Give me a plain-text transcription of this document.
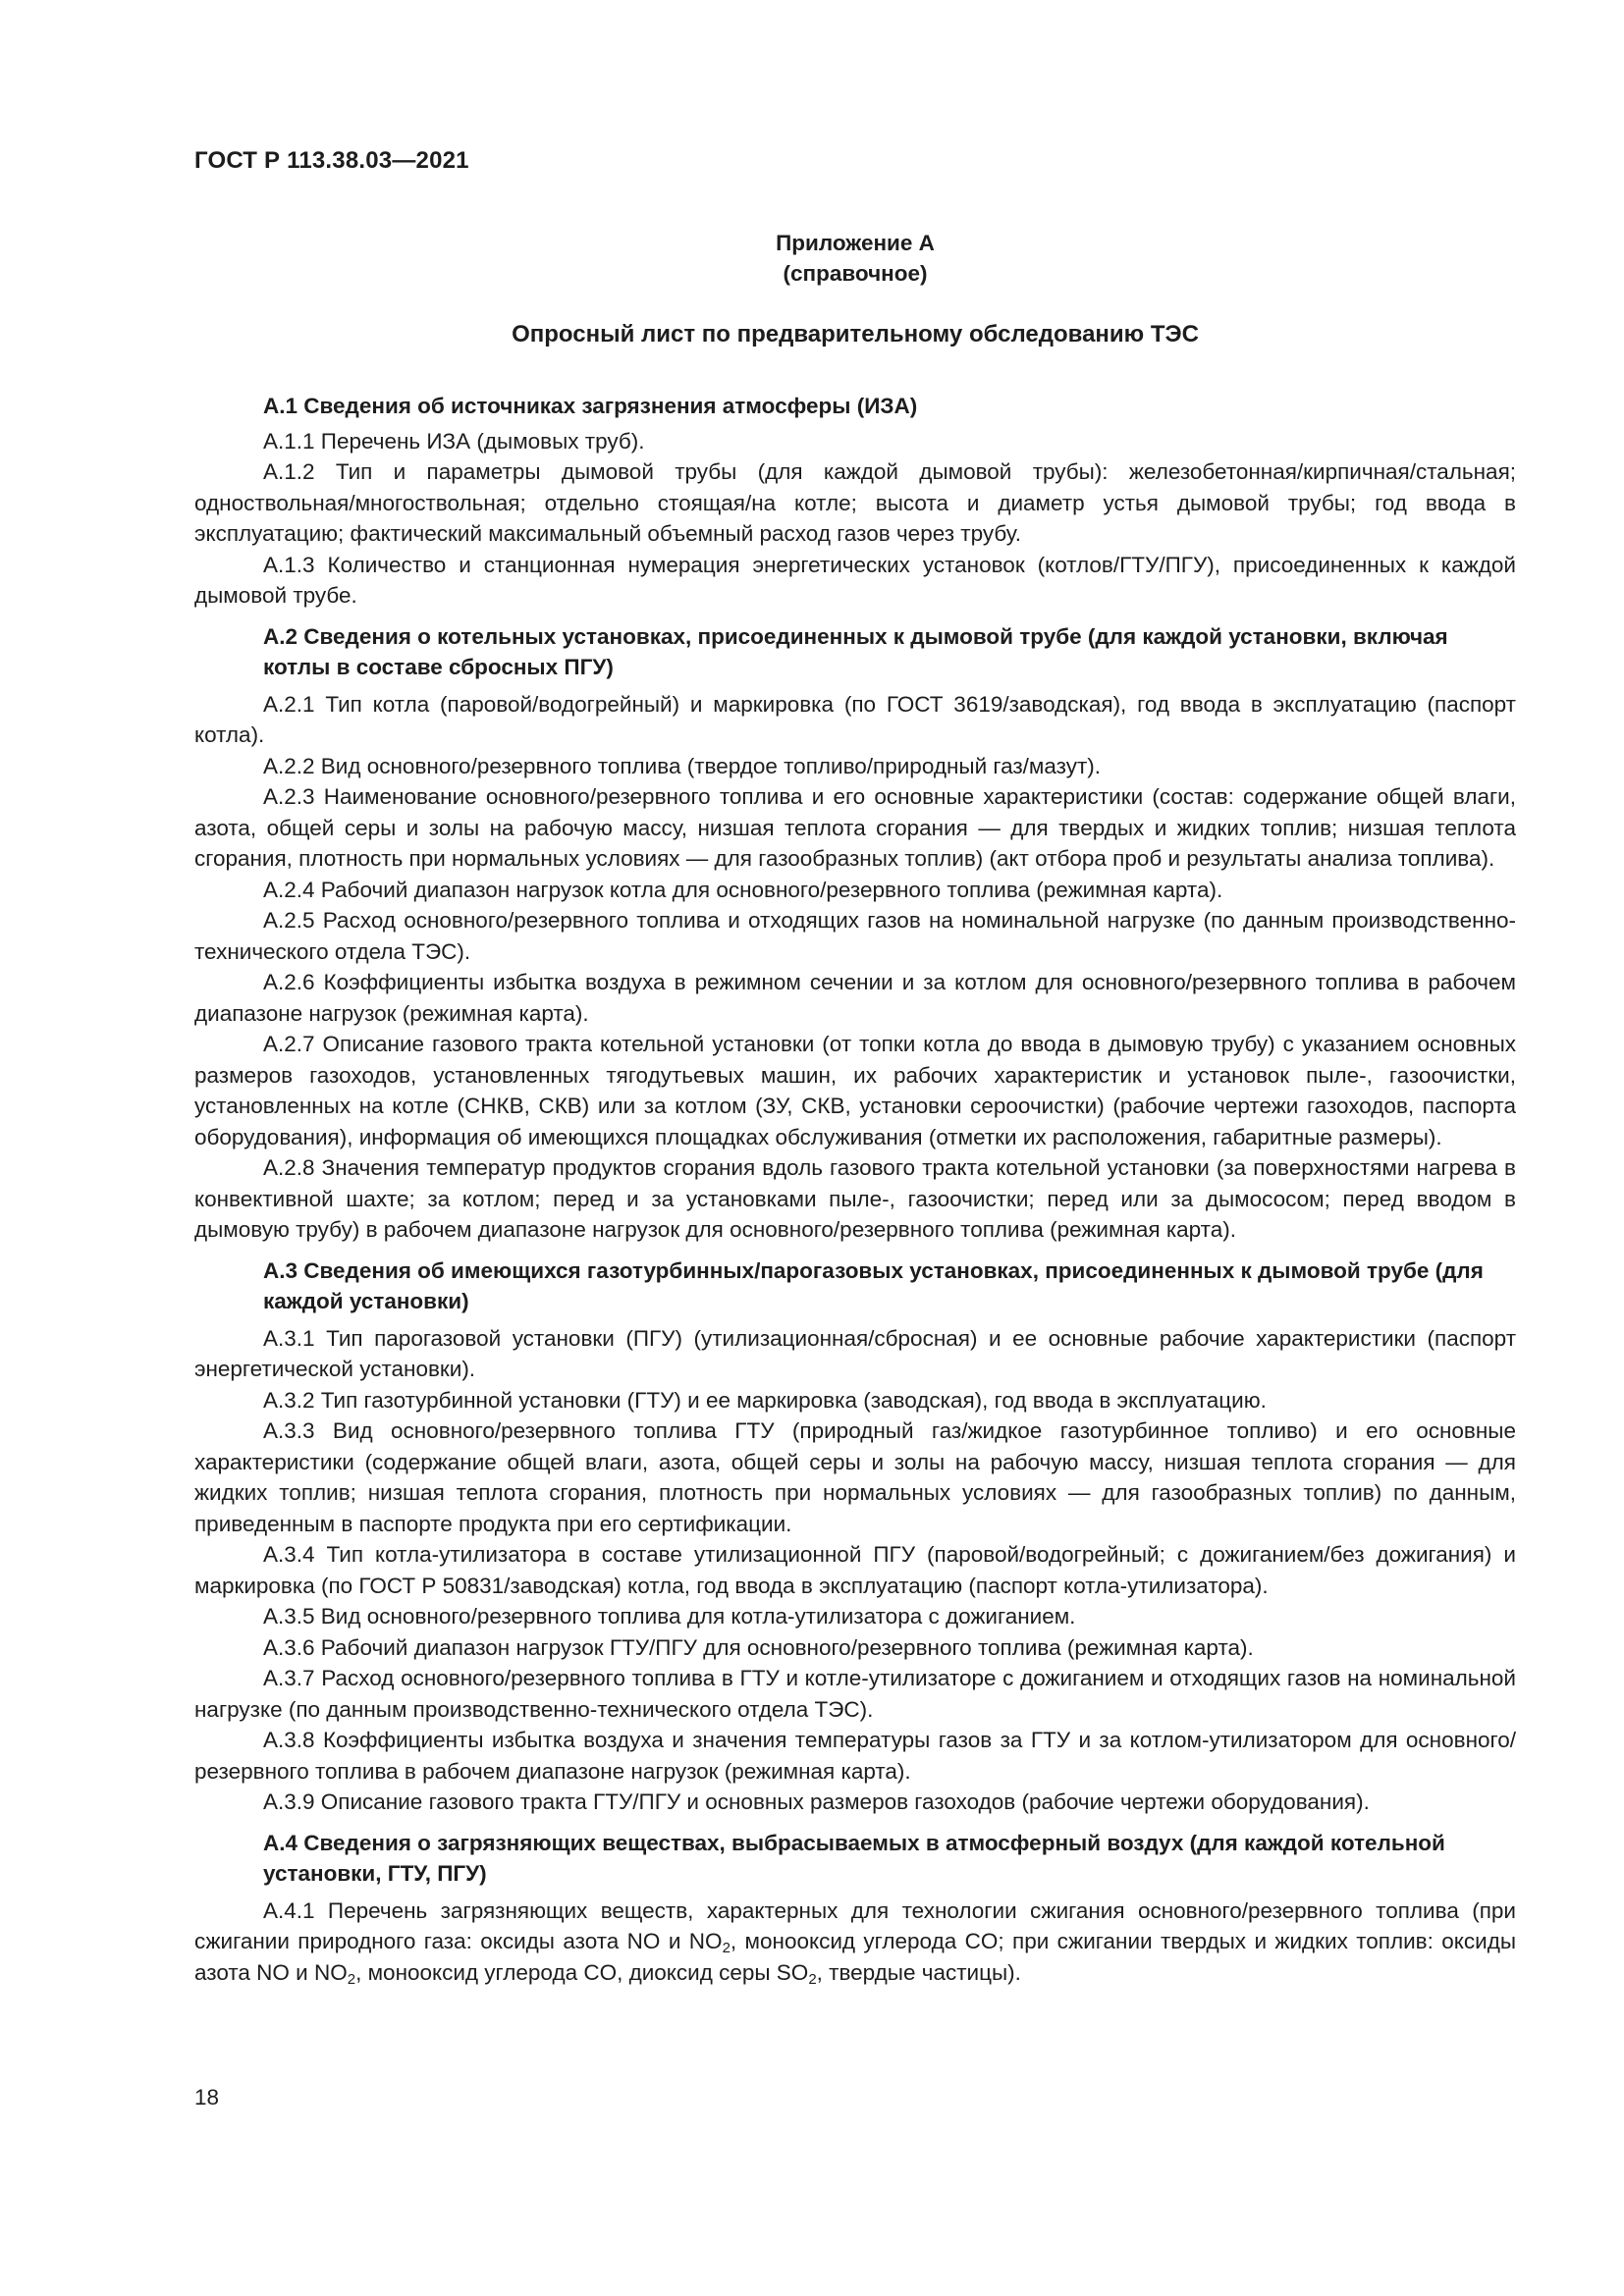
ГОСТ Р 113.38.03—2021
Приложение А
(справочное)
Опросный лист по предварительному обследованию ТЭС

А.1 Сведения об источниках загрязнения атмосферы (ИЗА)

А.1.1 Перечень ИЗА (дымовых труб).

А.1.2 Тип и параметры дымовой трубы (для каждой дымовой трубы): железобетонная/кирпичная/стальная; одноствольная/многоствольная; отдельно стоящая/на котле; высота и диаметр устья дымовой трубы; год ввода в эксплуатацию; фактический максимальный объемный расход газов через трубу.

А.1.3 Количество и станционная нумерация энергетических установок (котлов/ГТУ/ПГУ), присоединенных к каждой дымовой трубе.

А.2 Сведения о котельных установках, присоединенных к дымовой трубе (для каждой установки, включая котлы в составе сбросных ПГУ)

А.2.1 Тип котла (паровой/водогрейный) и маркировка (по ГОСТ 3619/заводская), год ввода в эксплуатацию (паспорт котла).

А.2.2 Вид основного/резервного топлива (твердое топливо/природный газ/мазут).

А.2.3 Наименование основного/резервного топлива и его основные характеристики (состав: содержание общей влаги, азота, общей серы и золы на рабочую массу, низшая теплота сгорания — для твердых и жидких топлив; низшая теплота сгорания, плотность при нормальных условиях — для газообразных топлив) (акт отбора проб и результаты анализа топлива).

А.2.4 Рабочий диапазон нагрузок котла для основного/резервного топлива (режимная карта).

А.2.5 Расход основного/резервного топлива и отходящих газов на номинальной нагрузке (по данным производственно-технического отдела ТЭС).

А.2.6 Коэффициенты избытка воздуха в режимном сечении и за котлом для основного/резервного топлива в рабочем диапазоне нагрузок (режимная карта).

А.2.7 Описание газового тракта котельной установки (от топки котла до ввода в дымовую трубу) с указанием основных размеров газоходов, установленных тягодутьевых машин, их рабочих характеристик и установок пыле-, газоочистки, установленных на котле (СНКВ, СКВ) или за котлом (ЗУ, СКВ, установки сероочистки) (рабочие чертежи газоходов, паспорта оборудования), информация об имеющихся площадках обслуживания (отметки их расположения, габаритные размеры).

А.2.8 Значения температур продуктов сгорания вдоль газового тракта котельной установки (за поверхностями нагрева в конвективной шахте; за котлом; перед и за установками пыле-, газоочистки; перед или за дымососом; перед вводом в дымовую трубу) в рабочем диапазоне нагрузок для основного/резервного топлива (режимная карта).

А.3 Сведения об имеющихся газотурбинных/парогазовых установках, присоединенных к дымовой трубе (для каждой установки)

А.3.1 Тип парогазовой установки (ПГУ) (утилизационная/сбросная) и ее основные рабочие характеристики (паспорт энергетической установки).

А.3.2 Тип газотурбинной установки (ГТУ) и ее маркировка (заводская), год ввода в эксплуатацию.

А.3.3 Вид основного/резервного топлива ГТУ (природный газ/жидкое газотурбинное топливо) и его основные характеристики (содержание общей влаги, азота, общей серы и золы на рабочую массу, низшая теплота сгорания — для жидких топлив; низшая теплота сгорания, плотность при нормальных условиях — для газообразных топлив) по данным, приведенным в паспорте продукта при его сертификации.

А.3.4 Тип котла-утилизатора в составе утилизационной ПГУ (паровой/водогрейный; с дожиганием/без дожигания) и маркировка (по ГОСТ Р 50831/заводская) котла, год ввода в эксплуатацию (паспорт котла-утилизатора).

А.3.5 Вид основного/резервного топлива для котла-утилизатора с дожиганием.

А.3.6 Рабочий диапазон нагрузок ГТУ/ПГУ для основного/резервного топлива (режимная карта).

А.3.7 Расход основного/резервного топлива в ГТУ и котле-утилизаторе с дожиганием и отходящих газов на номинальной нагрузке (по данным производственно-технического отдела ТЭС).

А.3.8 Коэффициенты избытка воздуха и значения температуры газов за ГТУ и за котлом-утилизатором для основного/резервного топлива в рабочем диапазоне нагрузок (режимная карта).

А.3.9 Описание газового тракта ГТУ/ПГУ и основных размеров газоходов (рабочие чертежи оборудования).

А.4 Сведения о загрязняющих веществах, выбрасываемых в атмосферный воздух (для каждой котельной установки, ГТУ, ПГУ)

А.4.1 Перечень загрязняющих веществ, характерных для технологии сжигания основного/резервного топлива (при сжигании природного газа: оксиды азота NO и $NO_2$, монооксид углерода CO; при сжигании твердых и жидких топлив: оксиды азота NO и $NO_2$, монооксид углерода CO, диоксид серы $SO_2$, твердые частицы).

18
